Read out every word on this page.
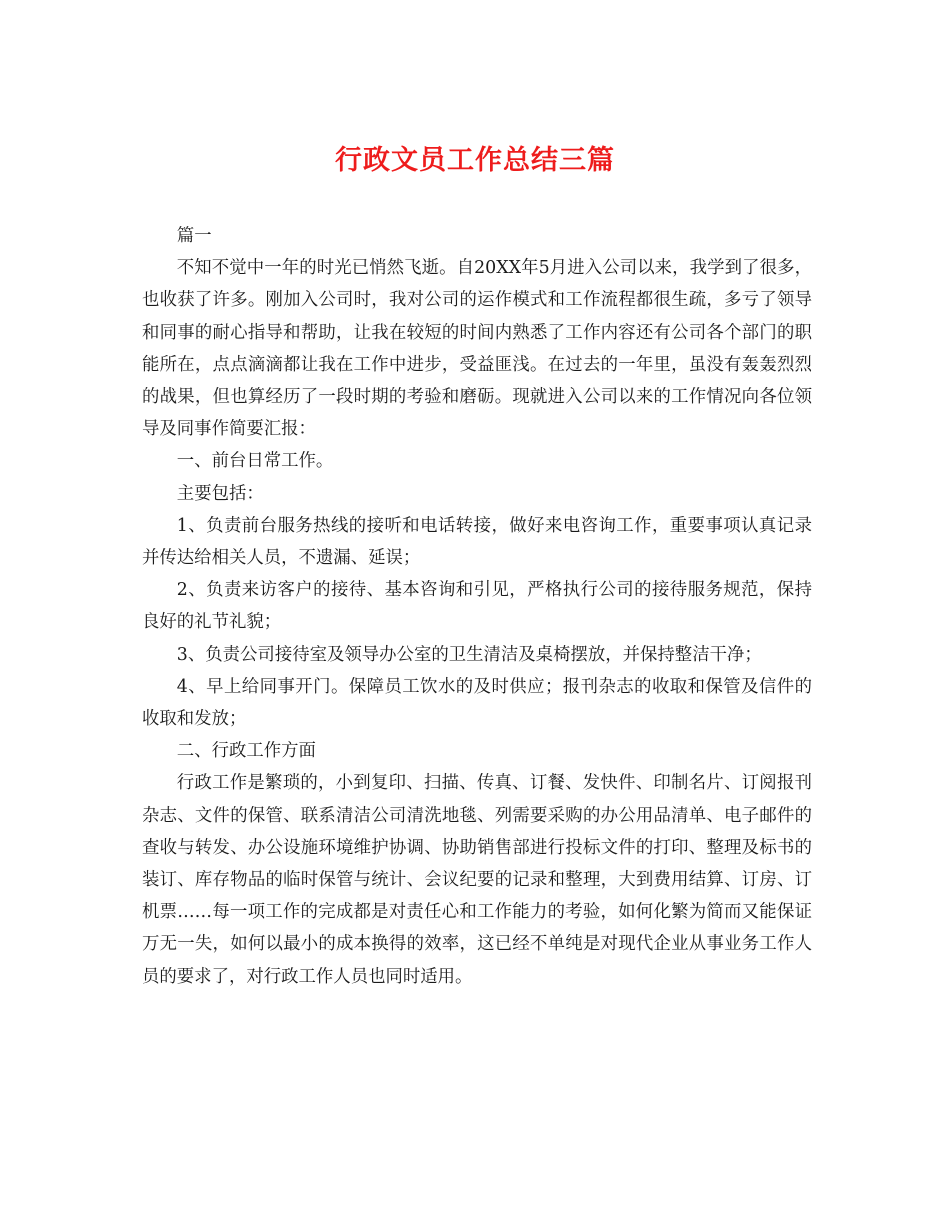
行政文员工作总结三篇

篇一

不知不觉中一年的时光已悄然飞逝。自20XX年5月进入公司以来，我学到了很多，也收获了许多。刚加入公司时，我对公司的运作模式和工作流程都很生疏，多亏了领导和同事的耐心指导和帮助，让我在较短的时间内熟悉了工作内容还有公司各个部门的职能所在，点点滴滴都让我在工作中进步，受益匪浅。在过去的一年里，虽没有轰轰烈烈的战果，但也算经历了一段时期的考验和磨砺。现就进入公司以来的工作情况向各位领导及同事作简要汇报：

一、前台日常工作。

主要包括：

1、负责前台服务热线的接听和电话转接，做好来电咨询工作，重要事项认真记录并传达给相关人员，不遗漏、延误；

2、负责来访客户的接待、基本咨询和引见，严格执行公司的接待服务规范，保持良好的礼节礼貌；

3、负责公司接待室及领导办公室的卫生清洁及桌椅摆放，并保持整洁干净；

4、早上给同事开门。保障员工饮水的及时供应；报刊杂志的收取和保管及信件的收取和发放；

二、行政工作方面

行政工作是繁琐的，小到复印、扫描、传真、订餐、发快件、印制名片、订阅报刊杂志、文件的保管、联系清洁公司清洗地毯、列需要采购的办公用品清单、电子邮件的查收与转发、办公设施环境维护协调、协助销售部进行投标文件的打印、整理及标书的装订、库存物品的临时保管与统计、会议纪要的记录和整理，大到费用结算、订房、订机票……每一项工作的完成都是对责任心和工作能力的考验，如何化繁为简而又能保证万无一失，如何以最小的成本换得的效率，这已经不单纯是对现代企业从事业务工作人员的要求了，对行政工作人员也同时适用。
